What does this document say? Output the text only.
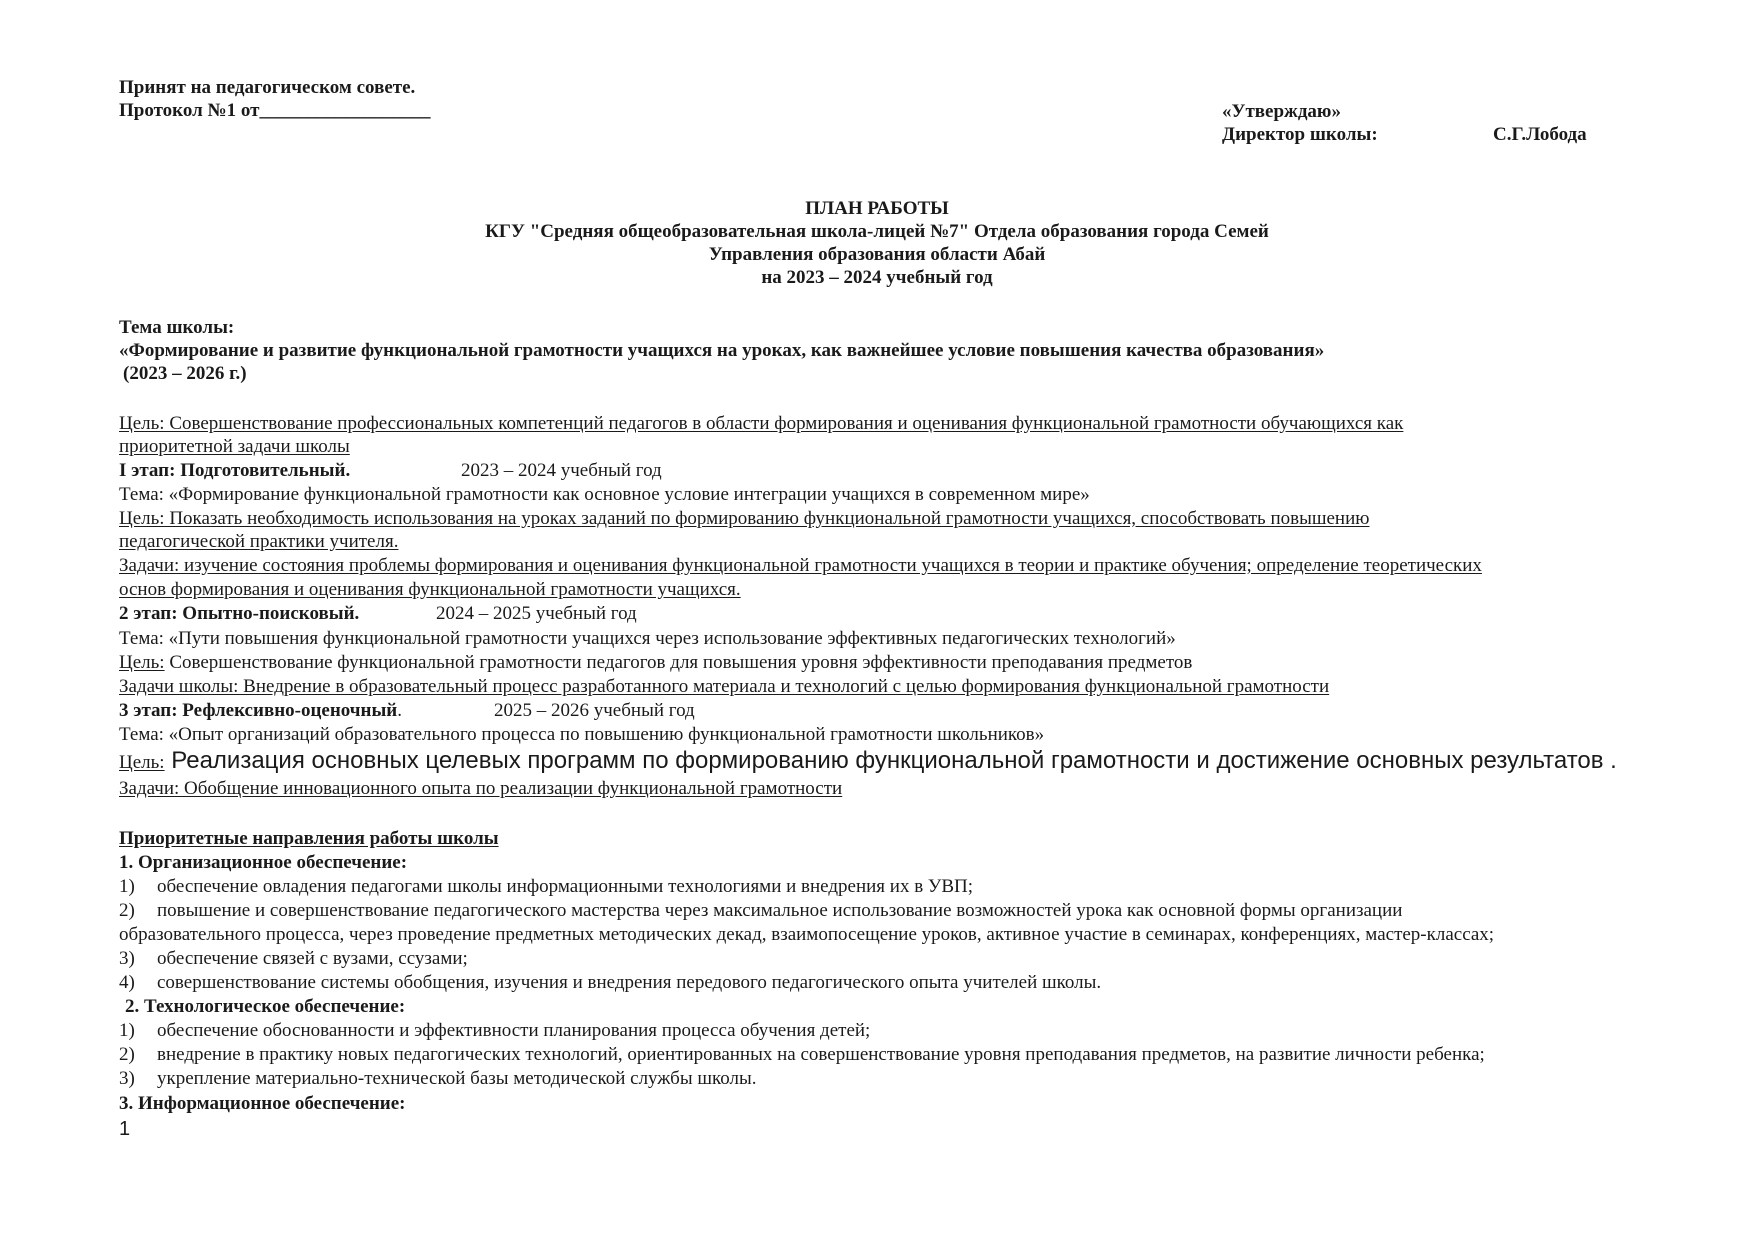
Принят на педагогическом совете.
Протокол №1 от__________________	«Утверждаю»
Директор школы:	С.Г.Лобода
ПЛАН РАБОТЫ
КГУ "Средняя общеобразовательная школа-лицей №7" Отдела образования города Семей
Управления образования области Абай
на 2023 – 2024 учебный год
Тема школы:
«Формирование и развитие функциональной грамотности учащихся на уроках, как важнейшее условие повышения качества образования»
(2023 – 2026 г.)
Цель: Совершенствование профессиональных компетенций педагогов в области формирования и оценивания функциональной грамотности обучающихся как
приоритетной задачи школы
I этап: Подготовительный.	2023 – 2024 учебный год
Тема: «Формирование функциональной грамотности как основное условие интеграции учащихся в современном мире»
Цель: Показать необходимость использования на уроках заданий по формированию функциональной грамотности учащихся, способствовать повышению
педагогической практики учителя.
Задачи: изучение состояния проблемы формирования и оценивания функциональной грамотности учащихся в теории и практике обучения; определение теоретических
основ формирования и оценивания функциональной грамотности учащихся.
2 этап: Опытно-поисковый.	2024 – 2025 учебный год
Тема: «Пути повышения функциональной грамотности учащихся через использование эффективных педагогических технологий»
Цель: Совершенствование функциональной грамотности педагогов для повышения уровня эффективности преподавания предметов
Задачи школы: Внедрение в образовательный процесс разработанного материала и технологий с целью формирования функциональной грамотности
3 этап: Рефлексивно-оценочный.	2025 – 2026 учебный год
Тема: «Опыт организаций образовательного процесса по повышению функциональной грамотности школьников»
Цель: Реализация основных целевых программ по формированию функциональной грамотности и достижение основных результатов .
Задачи: Обобщение инновационного опыта по реализации функциональной грамотности
Приоритетные направления работы школы
1. Организационное обеспечение:
1) обеспечение овладения педагогами школы информационными технологиями и внедрения их в УВП;
2) повышение и совершенствование педагогического мастерства через максимальное использование возможностей урока как основной формы организации
образовательного процесса, через проведение предметных методических декад, взаимопосещение уроков, активное участие в семинарах, конференциях, мастер-классах;
3) обеспечение связей с вузами, ссузами;
4) совершенствование системы обобщения, изучения и внедрения передового педагогического опыта учителей школы.
2. Технологическое обеспечение:
1) обеспечение обоснованности и эффективности планирования процесса обучения детей;
2) внедрение в практику новых педагогических технологий, ориентированных на совершенствование уровня преподавания предметов, на развитие личности ребенка;
3) укрепление материально-технической базы методической службы школы.
3. Информационное обеспечение:
1
